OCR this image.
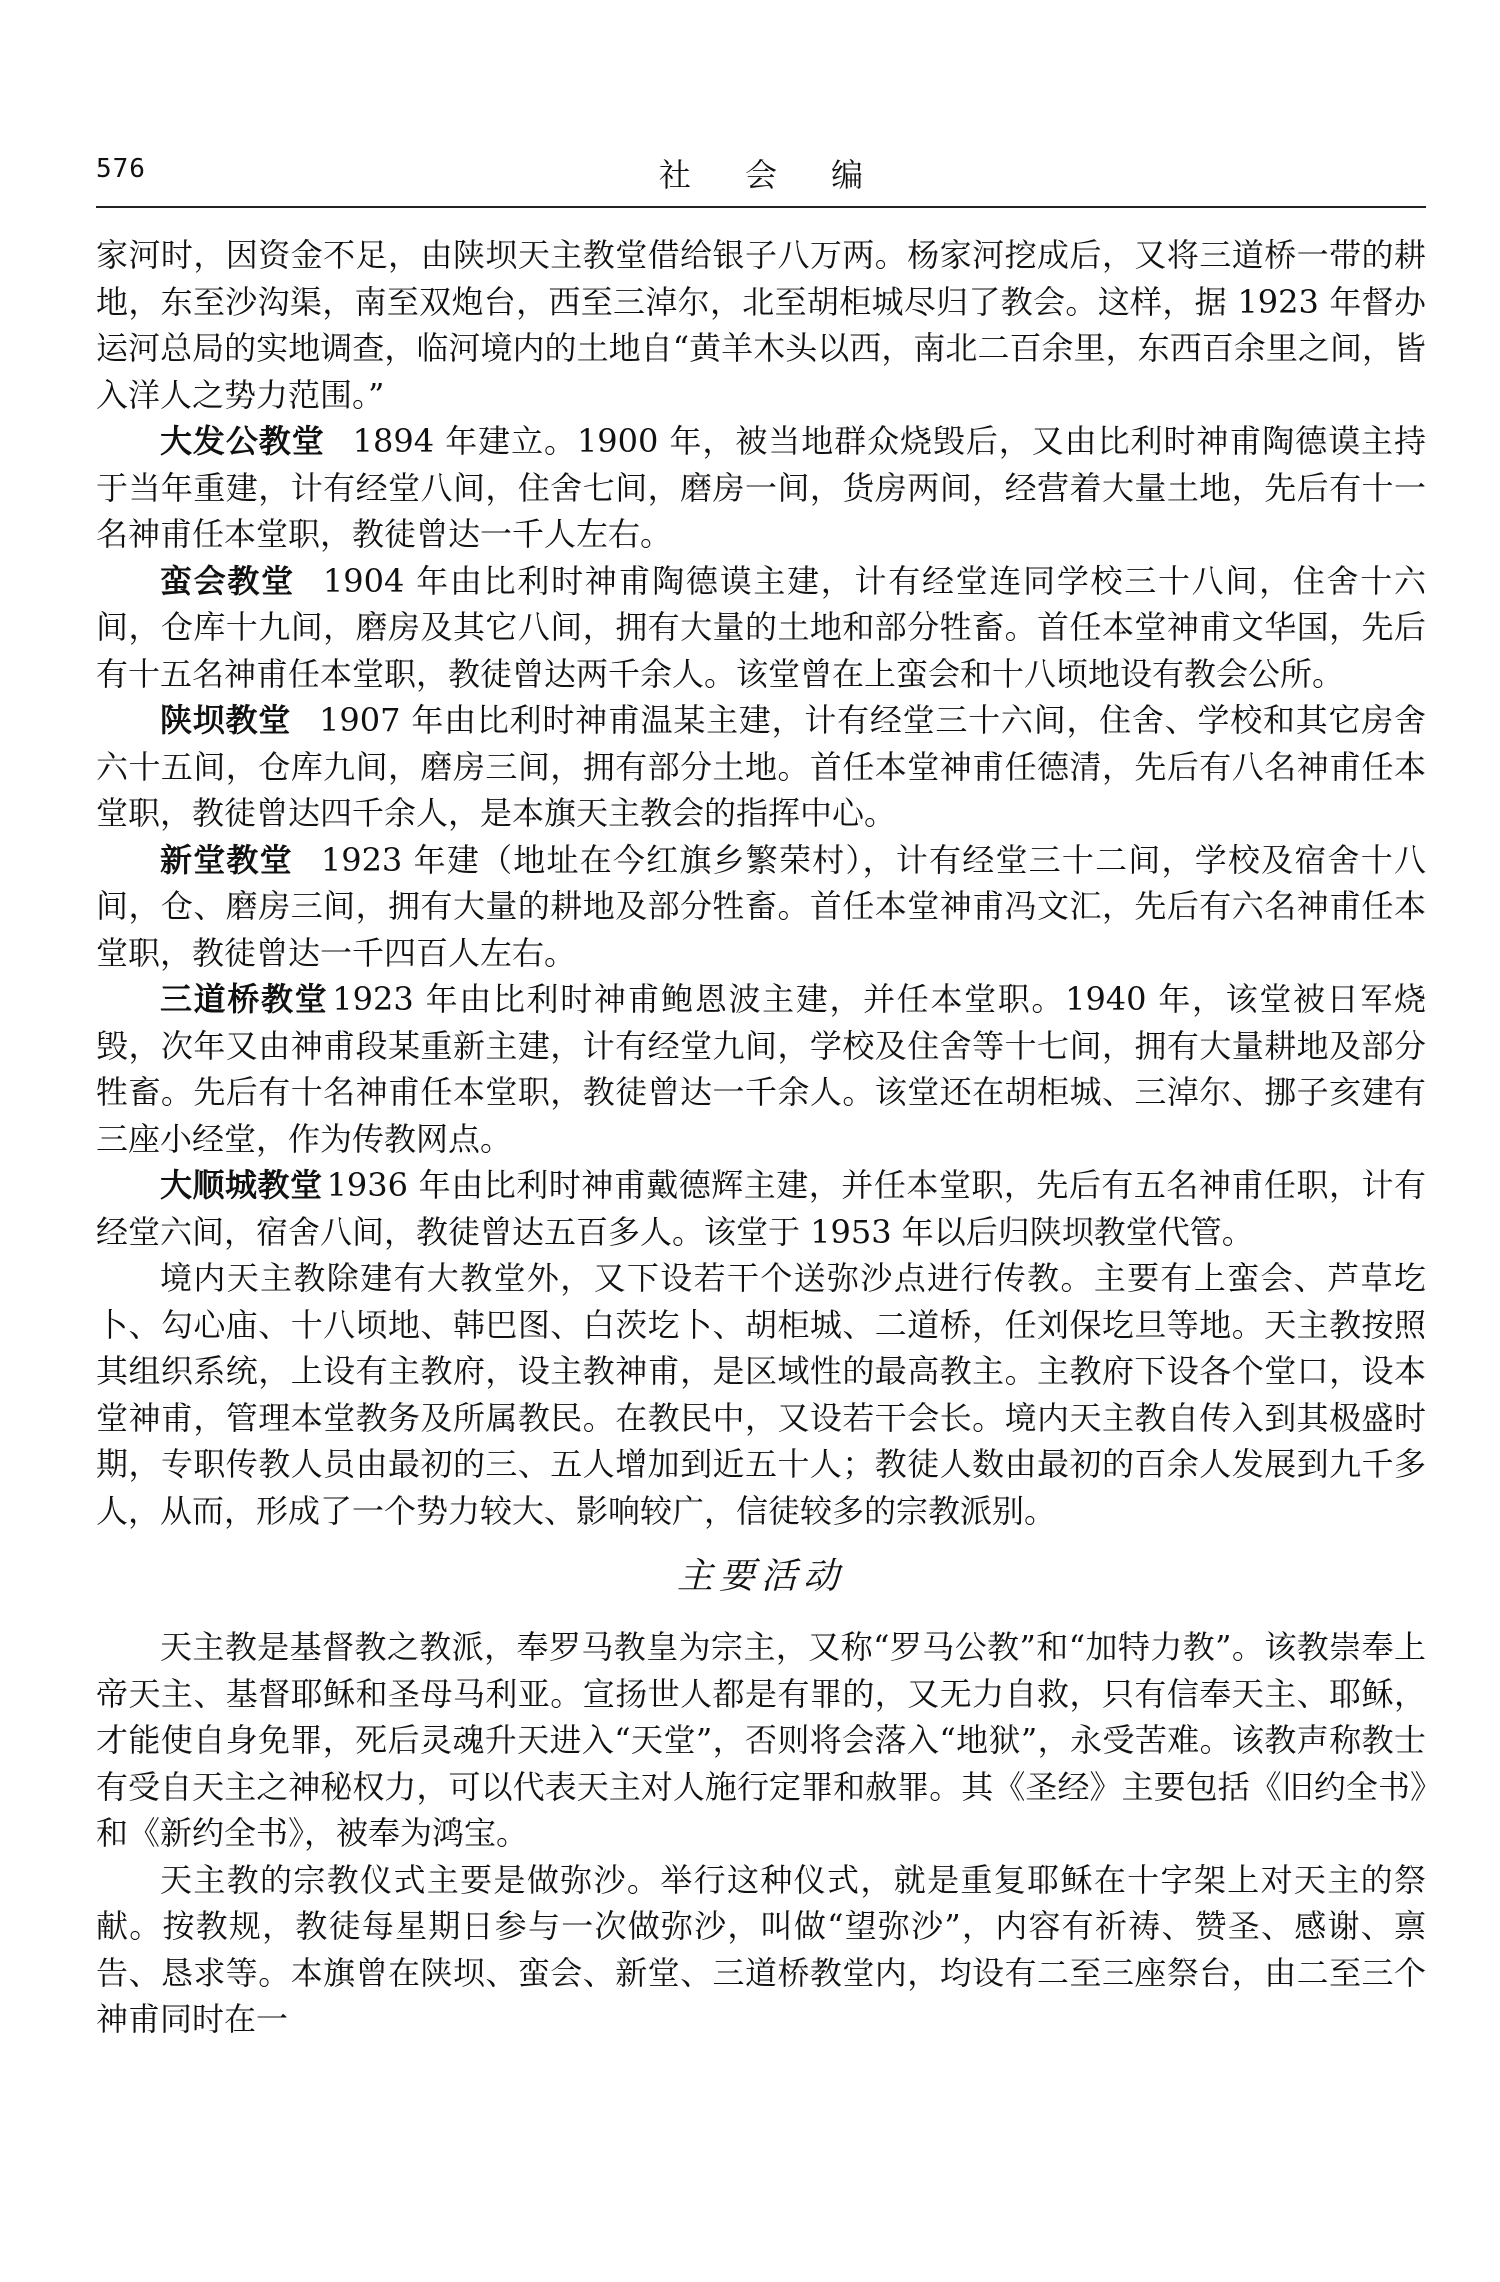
576	社 会 编

家河时，因资金不足，由陕坝天主教堂借给银子八万两。杨家河挖成后，又将三道桥一带的耕地，东至沙沟渠，南至双炮台，西至三淖尔，北至胡柜城尽归了教会。这样，据 1923 年督办运河总局的实地调查，临河境内的土地自“黄羊木头以西，南北二百余里，东西百余里之间，皆入洋人之势力范围。”

大发公教堂 1894 年建立。1900 年，被当地群众烧毁后，又由比利时神甫陶德谟主持于当年重建，计有经堂八间，住舍七间，磨房一间，货房两间，经营着大量土地，先后有十一名神甫任本堂职，教徒曾达一千人左右。

蛮会教堂 1904 年由比利时神甫陶德谟主建，计有经堂连同学校三十八间，住舍十六间，仓库十九间，磨房及其它八间，拥有大量的土地和部分牲畜。首任本堂神甫文华国，先后有十五名神甫任本堂职，教徒曾达两千余人。该堂曾在上蛮会和十八顷地设有教会公所。

陕坝教堂 1907 年由比利时神甫温某主建，计有经堂三十六间，住舍、学校和其它房舍六十五间，仓库九间，磨房三间，拥有部分土地。首任本堂神甫任德清，先后有八名神甫任本堂职，教徒曾达四千余人，是本旗天主教会的指挥中心。

新堂教堂 1923 年建（地址在今红旗乡繁荣村），计有经堂三十二间，学校及宿舍十八间，仓、磨房三间，拥有大量的耕地及部分牲畜。首任本堂神甫冯文汇，先后有六名神甫任本堂职，教徒曾达一千四百人左右。

三道桥教堂 1923 年由比利时神甫鲍恩波主建，并任本堂职。1940 年，该堂被日军烧毁，次年又由神甫段某重新主建，计有经堂九间，学校及住舍等十七间，拥有大量耕地及部分牲畜。先后有十名神甫任本堂职，教徒曾达一千余人。该堂还在胡柜城、三淖尔、挪子亥建有三座小经堂，作为传教网点。

大顺城教堂 1936 年由比利时神甫戴德辉主建，并任本堂职，先后有五名神甫任职，计有经堂六间，宿舍八间，教徒曾达五百多人。该堂于 1953 年以后归陕坝教堂代管。

境内天主教除建有大教堂外，又下设若干个送弥沙点进行传教。主要有上蛮会、芦草圪卜、勾心庙、十八顷地、韩巴图、白茨圪卜、胡柜城、二道桥，任刘保圪旦等地。天主教按照其组织系统，上设有主教府，设主教神甫，是区域性的最高教主。主教府下设各个堂口，设本堂神甫，管理本堂教务及所属教民。在教民中，又设若干会长。境内天主教自传入到其极盛时期，专职传教人员由最初的三、五人增加到近五十人；教徒人数由最初的百余人发展到九千多人，从而，形成了一个势力较大、影响较广，信徒较多的宗教派别。

主要活动

天主教是基督教之教派，奉罗马教皇为宗主，又称“罗马公教”和“加特力教”。该教崇奉上帝天主、基督耶稣和圣母马利亚。宣扬世人都是有罪的，又无力自救，只有信奉天主、耶稣，才能使自身免罪，死后灵魂升天进入“天堂”，否则将会落入“地狱”，永受苦难。该教声称教士有受自天主之神秘权力，可以代表天主对人施行定罪和赦罪。其《圣经》主要包括《旧约全书》和《新约全书》，被奉为鸿宝。

天主教的宗教仪式主要是做弥沙。举行这种仪式，就是重复耶稣在十字架上对天主的祭献。按教规，教徒每星期日参与一次做弥沙，叫做“望弥沙”，内容有祈祷、赞圣、感谢、禀告、恳求等。本旗曾在陕坝、蛮会、新堂、三道桥教堂内，均设有二至三座祭台，由二至三个神甫同时在一
